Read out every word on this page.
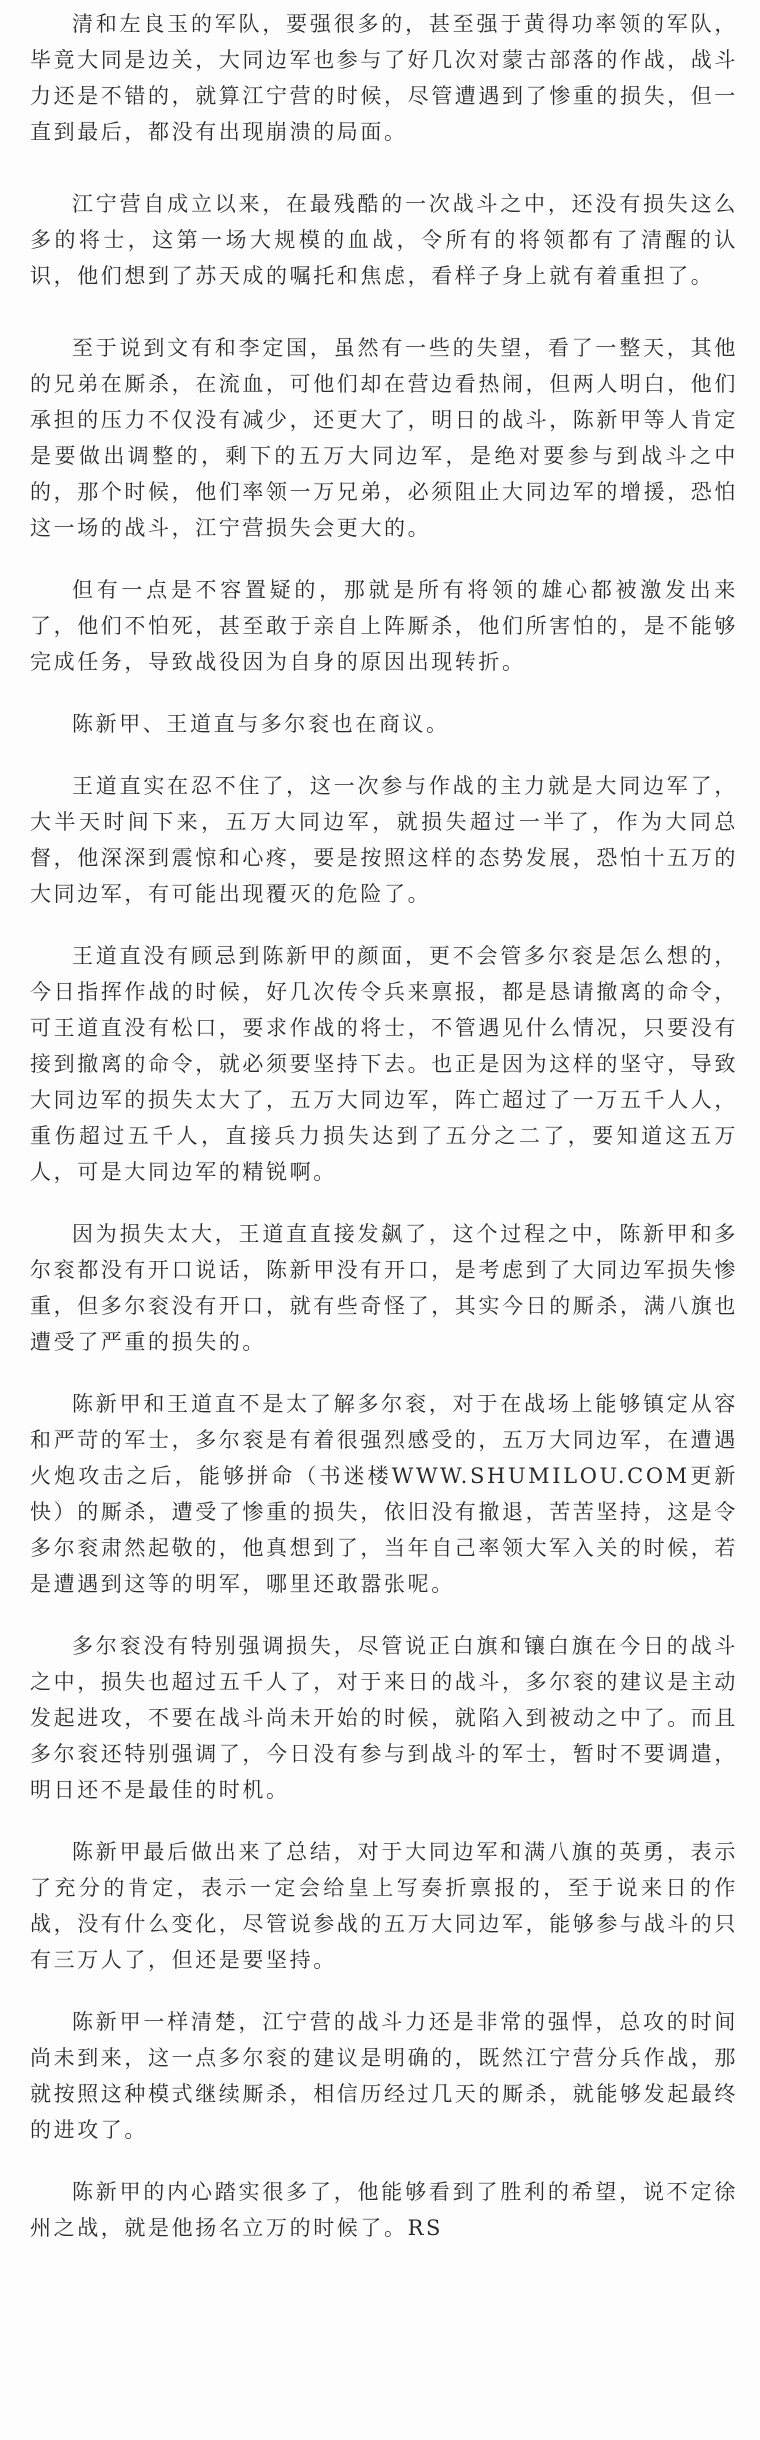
清和左良玉的军队，要强很多的，甚至强于黄得功率领的军队，毕竟大同是边关，大同边军也参与了好几次对蒙古部落的作战，战斗力还是不错的，就算江宁营的时候，尽管遭遇到了惨重的损失，但一直到最后，都没有出现崩溃的局面。

江宁营自成立以来，在最残酷的一次战斗之中，还没有损失这么多的将士，这第一场大规模的血战，令所有的将领都有了清醒的认识，他们想到了苏天成的嘱托和焦虑，看样子身上就有着重担了。

至于说到文有和李定国，虽然有一些的失望，看了一整天，其他的兄弟在厮杀，在流血，可他们却在营边看热闹，但两人明白，他们承担的压力不仅没有减少，还更大了，明日的战斗，陈新甲等人肯定是要做出调整的，剩下的五万大同边军，是绝对要参与到战斗之中的，那个时候，他们率领一万兄弟，必须阻止大同边军的增援，恐怕这一场的战斗，江宁营损失会更大的。

但有一点是不容置疑的，那就是所有将领的雄心都被激发出来了，他们不怕死，甚至敢于亲自上阵厮杀，他们所害怕的，是不能够完成任务，导致战役因为自身的原因出现转折。

陈新甲、王道直与多尔衮也在商议。

王道直实在忍不住了，这一次参与作战的主力就是大同边军了，大半天时间下来，五万大同边军，就损失超过一半了，作为大同总督，他深深到震惊和心疼，要是按照这样的态势发展，恐怕十五万的大同边军，有可能出现覆灭的危险了。

王道直没有顾忌到陈新甲的颜面，更不会管多尔衮是怎么想的，今日指挥作战的时候，好几次传令兵来禀报，都是恳请撤离的命令，可王道直没有松口，要求作战的将士，不管遇见什么情况，只要没有接到撤离的命令，就必须要坚持下去。也正是因为这样的坚守，导致大同边军的损失太大了，五万大同边军，阵亡超过了一万五千人人，重伤超过五千人，直接兵力损失达到了五分之二了，要知道这五万人，可是大同边军的精锐啊。

因为损失太大，王道直直接发飙了，这个过程之中，陈新甲和多尔衮都没有开口说话，陈新甲没有开口，是考虑到了大同边军损失惨重，但多尔衮没有开口，就有些奇怪了，其实今日的厮杀，满八旗也遭受了严重的损失的。

陈新甲和王道直不是太了解多尔衮，对于在战场上能够镇定从容和严苛的军士，多尔衮是有着很强烈感受的，五万大同边军，在遭遇火炮攻击之后，能够拼命（书迷楼WWW.SHUMILOU.COM更新快）的厮杀，遭受了惨重的损失，依旧没有撤退，苦苦坚持，这是令多尔衮肃然起敬的，他真想到了，当年自己率领大军入关的时候，若是遭遇到这等的明军，哪里还敢嚣张呢。

多尔衮没有特别强调损失，尽管说正白旗和镶白旗在今日的战斗之中，损失也超过五千人了，对于来日的战斗，多尔衮的建议是主动发起进攻，不要在战斗尚未开始的时候，就陷入到被动之中了。而且多尔衮还特别强调了，今日没有参与到战斗的军士，暂时不要调遣，明日还不是最佳的时机。

陈新甲最后做出来了总结，对于大同边军和满八旗的英勇，表示了充分的肯定，表示一定会给皇上写奏折禀报的，至于说来日的作战，没有什么变化，尽管说参战的五万大同边军，能够参与战斗的只有三万人了，但还是要坚持。

陈新甲一样清楚，江宁营的战斗力还是非常的强悍，总攻的时间尚未到来，这一点多尔衮的建议是明确的，既然江宁营分兵作战，那就按照这种模式继续厮杀，相信历经过几天的厮杀，就能够发起最终的进攻了。

陈新甲的内心踏实很多了，他能够看到了胜利的希望，说不定徐州之战，就是他扬名立万的时候了。RS
